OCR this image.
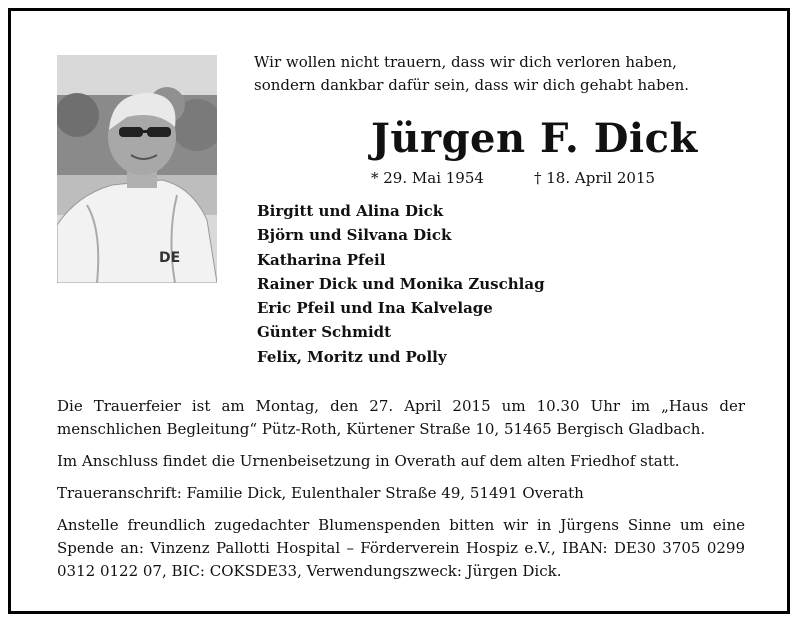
DE
Wir wollen nicht trauern, dass wir dich verloren haben,
sondern dankbar dafür sein, dass wir dich gehabt haben.
Jürgen F. Dick
* 29. Mai 1954	† 18. April 2015
Birgitt und Alina Dick
Björn und Silvana Dick
Katharina Pfeil
Rainer Dick und Monika Zuschlag
Eric Pfeil und Ina Kalvelage
Günter Schmidt
Felix, Moritz und Polly

Die Trauerfeier ist am Montag, den 27. April 2015 um 10.30 Uhr im „Haus der menschlichen Begleitung“ Pütz-Roth, Kürtener Straße 10, 51465 Bergisch Gladbach.

Im Anschluss findet die Urnenbeisetzung in Overath auf dem alten Friedhof statt.

Traueranschrift: Familie Dick, Eulenthaler Straße 49, 51491 Overath

Anstelle freundlich zugedachter Blumenspenden bitten wir in Jürgens Sinne um eine Spende an: Vinzenz Pallotti Hospital – Förderverein Hospiz e.V., IBAN: DE30 3705 0299 0312 0122 07, BIC: COKSDE33, Verwendungszweck: Jürgen Dick.
